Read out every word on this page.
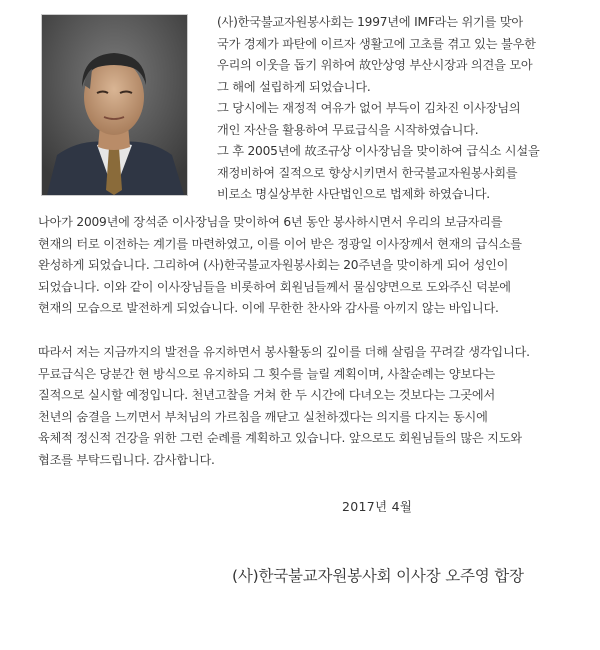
(사)한국불교자원봉사회는 1997년에 IMF라는 위기를 맞아

국가 경제가 파탄에 이르자 생활고에 고초를 겪고 있는 불우한

우리의 이웃을 돕기 위하여 故안상영 부산시장과 의견을 모아

그 해에 설립하게 되었습니다.

그 당시에는 재정적 여유가 없어 부득이 김차진 이사장님의

개인 자산을 활용하여 무료급식을 시작하였습니다.

그 후 2005년에 故조규상 이사장님을 맞이하여 급식소 시설을

재정비하여 질적으로 향상시키면서 한국불교자원봉사회를

비로소 명실상부한 사단법인으로 법제화 하였습니다.

나아가 2009년에 장석준 이사장님을 맞이하여 6년 동안 봉사하시면서 우리의 보금자리를

현재의 터로 이전하는 계기를 마련하였고, 이를 이어 받은 정광일 이사장께서 현재의 급식소를

완성하게 되었습니다. 그리하여 (사)한국불교자원봉사회는 20주년을 맞이하게 되어 성인이

되었습니다. 이와 같이 이사장님들을 비롯하여 회원님들께서 물심양면으로 도와주신 덕분에

현재의 모습으로 발전하게 되었습니다. 이에 무한한 찬사와 감사를 아끼지 않는 바입니다.

따라서 저는 지금까지의 발전을 유지하면서 봉사활동의 깊이를 더해 살림을 꾸려갈 생각입니다.

무료급식은 당분간 현 방식으로 유지하되 그 횟수를 늘릴 계획이며, 사찰순례는 양보다는

질적으로 실시할 예정입니다. 천년고찰을 거쳐 한 두 시간에 다녀오는 것보다는 그곳에서

천년의 숨결을 느끼면서 부처님의 가르침을 깨닫고 실천하겠다는 의지를 다지는 동시에

육체적 정신적 건강을 위한 그런 순례를 계획하고 있습니다. 앞으로도 회원님들의 많은 지도와

협조를 부탁드립니다. 감사합니다.

2017년 4월
(사)한국불교자원봉사회 이사장 오주영 합장
